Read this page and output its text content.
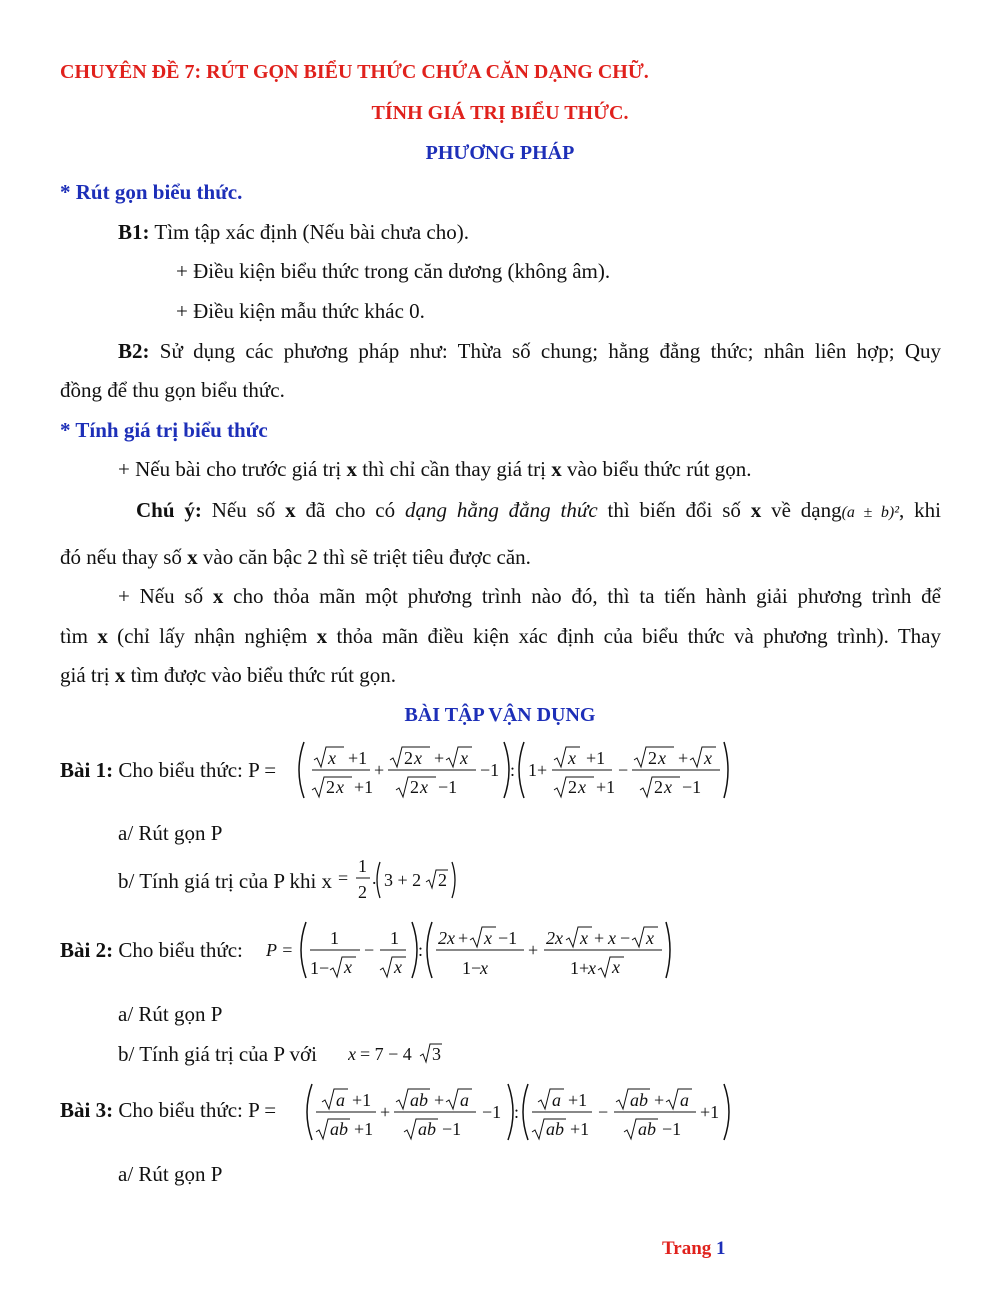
CHUYÊN ĐỀ 7: RÚT GỌN BIỂU THỨC CHỨA CĂN DẠNG CHỮ.
TÍNH GIÁ TRỊ BIỂU THỨC.
PHƯƠNG PHÁP
* Rút gọn biểu thức.
B1: Tìm tập xác định (Nếu bài chưa cho).
+ Điều kiện biểu thức trong căn dương (không âm).
+ Điều kiện mẫu thức khác 0.
B2: Sử dụng các phương pháp như: Thừa số chung; hằng đẳng thức; nhân liên hợp; Quy
đồng để thu gọn biểu thức.
* Tính giá trị biểu thức
+ Nếu bài cho trước giá trị x thì chỉ cần thay giá trị x vào biểu thức rút gọn.
Chú ý: Nếu số x đã cho có dạng hằng đẳng thức thì biến đổi số x về dạng(a ± b)², khi
đó nếu thay số x vào căn bậc 2 thì sẽ triệt tiêu được căn.
+ Nếu số x cho thỏa mãn một phương trình nào đó, thì ta tiến hành giải phương trình để
tìm x (chỉ lấy nhận nghiệm x thỏa mãn điều kiện xác định của biểu thức và phương trình). Thay
giá trị x tìm được vào biểu thức rút gọn.
BÀI TẬP VẬN DỤNG
Bài 1: Cho biểu thức: P =	x +1
2 x +1
+
2 x + x
2 x −1
−1 : 1+
x +1
2 x +1
−
2 x + x
2 x −1
a/ Rút gọn P
b/ Tính giá trị của P khi x =
1
2
. 3 + 2 2
Bài 2: Cho biểu thức: P =
1
1− x
−
1
x
:
2x + x −1
1−
x
+
2x x + x − x
1+
x x
a/ Rút gọn P
b/ Tính giá trị của P với x = 7 − 4 3
Bài 3: Cho biểu thức: P =	a +1
ab +1
+
ab + a
ab −1
−1 :
a +1
ab +1
−
ab + a
ab −1
+1
a/ Rút gọn P
Trang 1
